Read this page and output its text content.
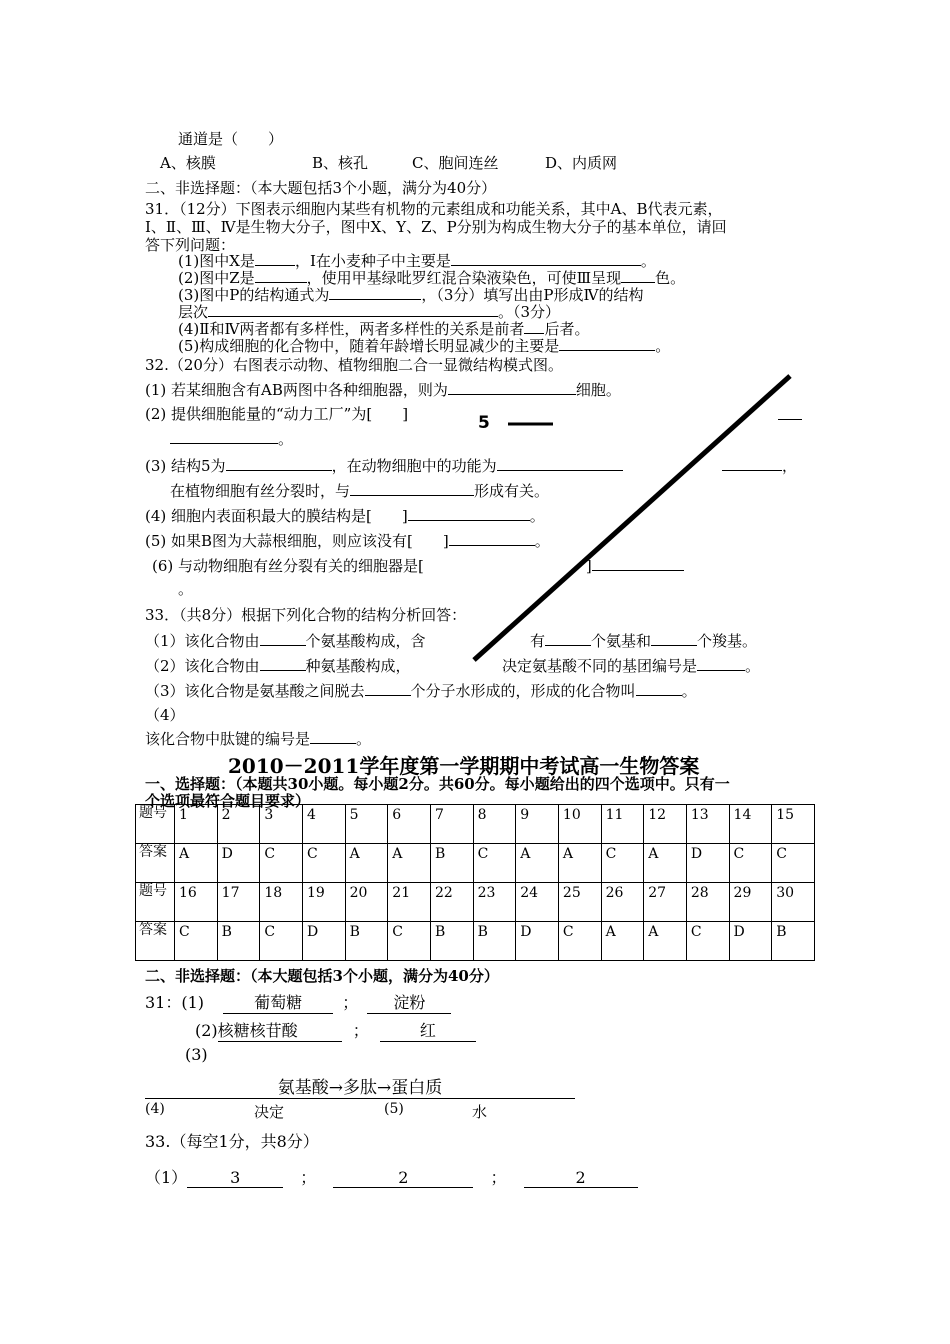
通道是（　　）
A、核膜	B、核孔	C、胞间连丝	D、内质网
二、非选择题：（本大题包括3个小题，满分为40分）
31．（12分）下图表示细胞内某些有机物的元素组成和功能关系，其中A、B代表元素，
Ⅰ、Ⅱ、Ⅲ、Ⅳ是生物大分子，图中X、Y、Z、P分别为构成生物大分子的基本单位，请回
答下列问题：
(1)图中X是	，Ⅰ在小麦种子中主要是	。
(2)图中Z是	，使用甲基绿吡罗红混合染液染色，可使Ⅲ呈现 色。
(3)图中P的结构通式为	，（3分）填写出由P形成Ⅳ的结构
层次	。（3分）
(4)Ⅱ和Ⅳ两者都有多样性，两者多样性的关系是前者 后者。
(5)构成细胞的化合物中，随着年龄增长明显减少的主要是	。
32.（20分）右图表示动物、植物细胞二合一显微结构模式图。
(1) 若某细胞含有AB两图中各种细胞器，则为	细胞。
(2) 提供细胞能量的“动力工厂”为[　　]	5
。
(3) 结构5为	，在动物细胞中的功能为	，
在植物细胞有丝分裂时，与	形成有关。
(4) 细胞内表面积最大的膜结构是[　　]	。
(5) 如果B图为大蒜根细胞，则应该没有[　　]	。
(6) 与动物细胞有丝分裂有关的细胞器是[	]
。
33．（共8分）根据下列化合物的结构分析回答：
（1）该化合物由	个氨基酸构成，含	有	个氨基和	个羧基。
（2）该化合物由	种氨基酸构成，	决定氨基酸不同的基团编号是	。
（3）该化合物是氨基酸之间脱去	个分子水形成的，形成的化合物叫	。
（4）
该化合物中肽键的编号是	。
2010－2011学年度第一学期期中考试高一生物答案
一、选择题：（本题共30小题。每小题2分。共60分。每小题给出的四个选项中。只有一
个选项最符合题目要求）
题号	1	2	3	4	5	6	7	8	9	10	11	12	13	14	15
答案	A	D	C	C	A	A	B	C	A	A	C	A	D	C	C
题号	16	17	18	19	20	21	22	23	24	25	26	27	28	29	30
答案	C	B	C	D	B	C	B	B	D	C	A	A	C	D	B
二、非选择题：（本大题包括3个小题，满分为40分）
31：(1)	葡萄糖	； 淀粉
(2)核糖核苷酸	；	红
(3)
氨基酸→多肽→蛋白质
(4)	决定	(5)	水
33.（每空1分，共8分）
（1）	3	；	2	；	2
